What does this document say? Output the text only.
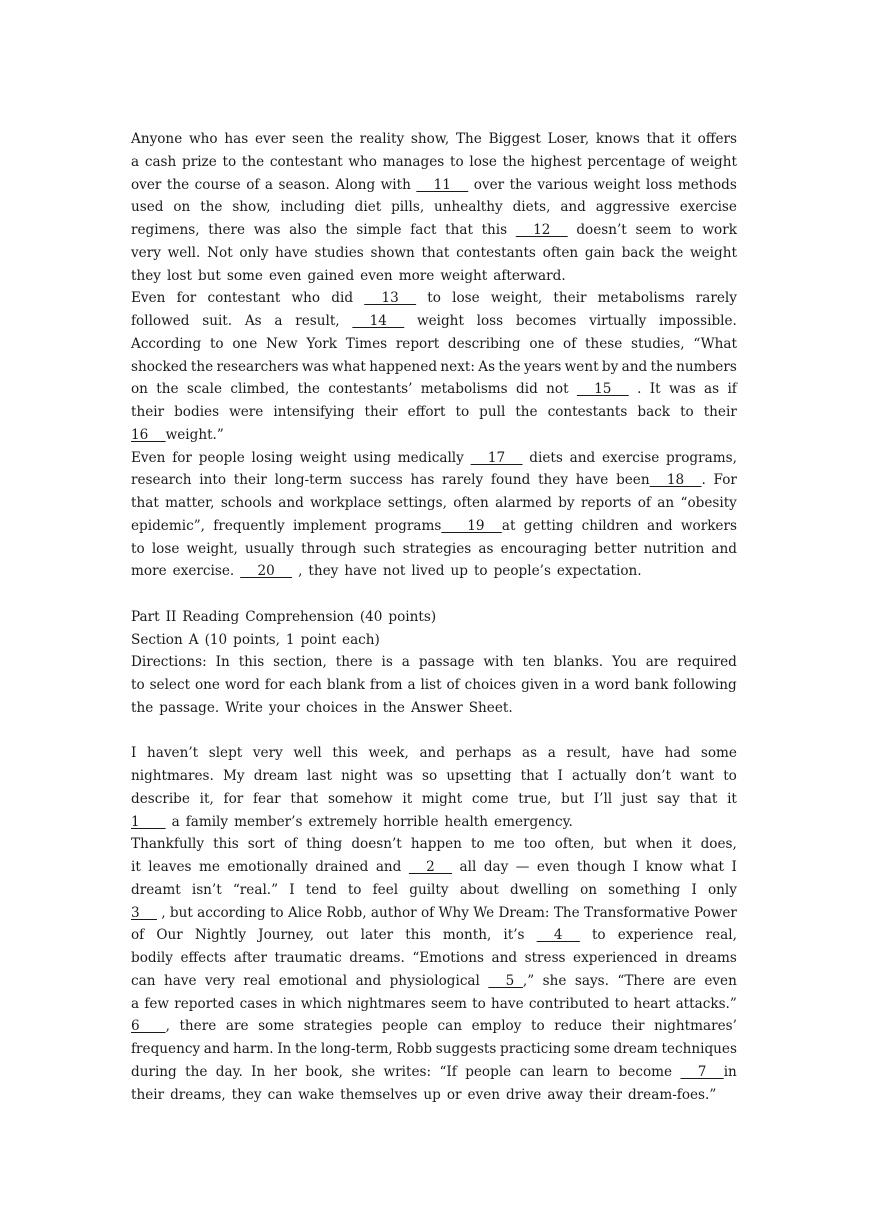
Anyone who has ever seen the reality show, The Biggest Loser, knows that it offers
a cash prize to the contestant who manages to lose the highest percentage of weight
over the course of a season. Along with 11 over the various weight loss methods
used on the show, including diet pills, unhealthy diets, and aggressive exercise
regimens, there was also the simple fact that this 12 doesn’t seem to work
very well. Not only have studies shown that contestants often gain back the weight
they lost but some even gained even more weight afterward.
Even for contestant who did 13 to lose weight, their metabolisms rarely
followed suit. As a result, 14 weight loss becomes virtually impossible.
According to one New York Times report describing one of these studies, “What
shocked the researchers was what happened next: As the years went by and the numbers
on the scale climbed, the contestants’ metabolisms did not 15 . It was as if
their bodies were intensifying their effort to pull the contestants back to their
16    weight.”
Even for people losing weight using medically 17 diets and exercise programs,
research into their long-term success has rarely found they have been    18    . For
that matter, schools and workplace settings, often alarmed by reports of an “obesity
epidemic”, frequently implement programs      19    at getting children and workers
to lose weight, usually through such strategies as encouraging better nutrition and
more exercise. 20 , they have not lived up to people’s expectation.
Part II Reading Comprehension (40 points)
Section A (10 points, 1 point each)
Directions: In this section, there is a passage with ten blanks. You are required
to select one word for each blank from a list of choices given in a word bank following
the passage. Write your choices in the Answer Sheet.
I haven’t slept very well this week, and perhaps as a result, have had some
nightmares. My dream last night was so upsetting that I actually don’t want to
describe it, for fear that somehow it might come true, but I’ll just say that it
1 a family member’s extremely horrible health emergency.
Thankfully this sort of thing doesn’t happen to me too often, but when it does,
it leaves me emotionally drained and 2 all day — even though I know what I
dreamt isn’t “real.” I tend to feel guilty about dwelling on something I only
3 , but according to Alice Robb, author of Why We Dream: The Transformative Power
of Our Nightly Journey, out later this month, it’s 4 to experience real,
bodily effects after traumatic dreams. “Emotions and stress experienced in dreams
can have very real emotional and physiological 5  ,” she says. “There are even
a few reported cases in which nightmares seem to have contributed to heart attacks.”
6      , there are some strategies people can employ to reduce their nightmares’
frequency and harm. In the long-term, Robb suggests practicing some dream techniques
during the day. In her book, she writes: “If people can learn to become 7    in
their dreams, they can wake themselves up or even drive away their dream-foes.”
